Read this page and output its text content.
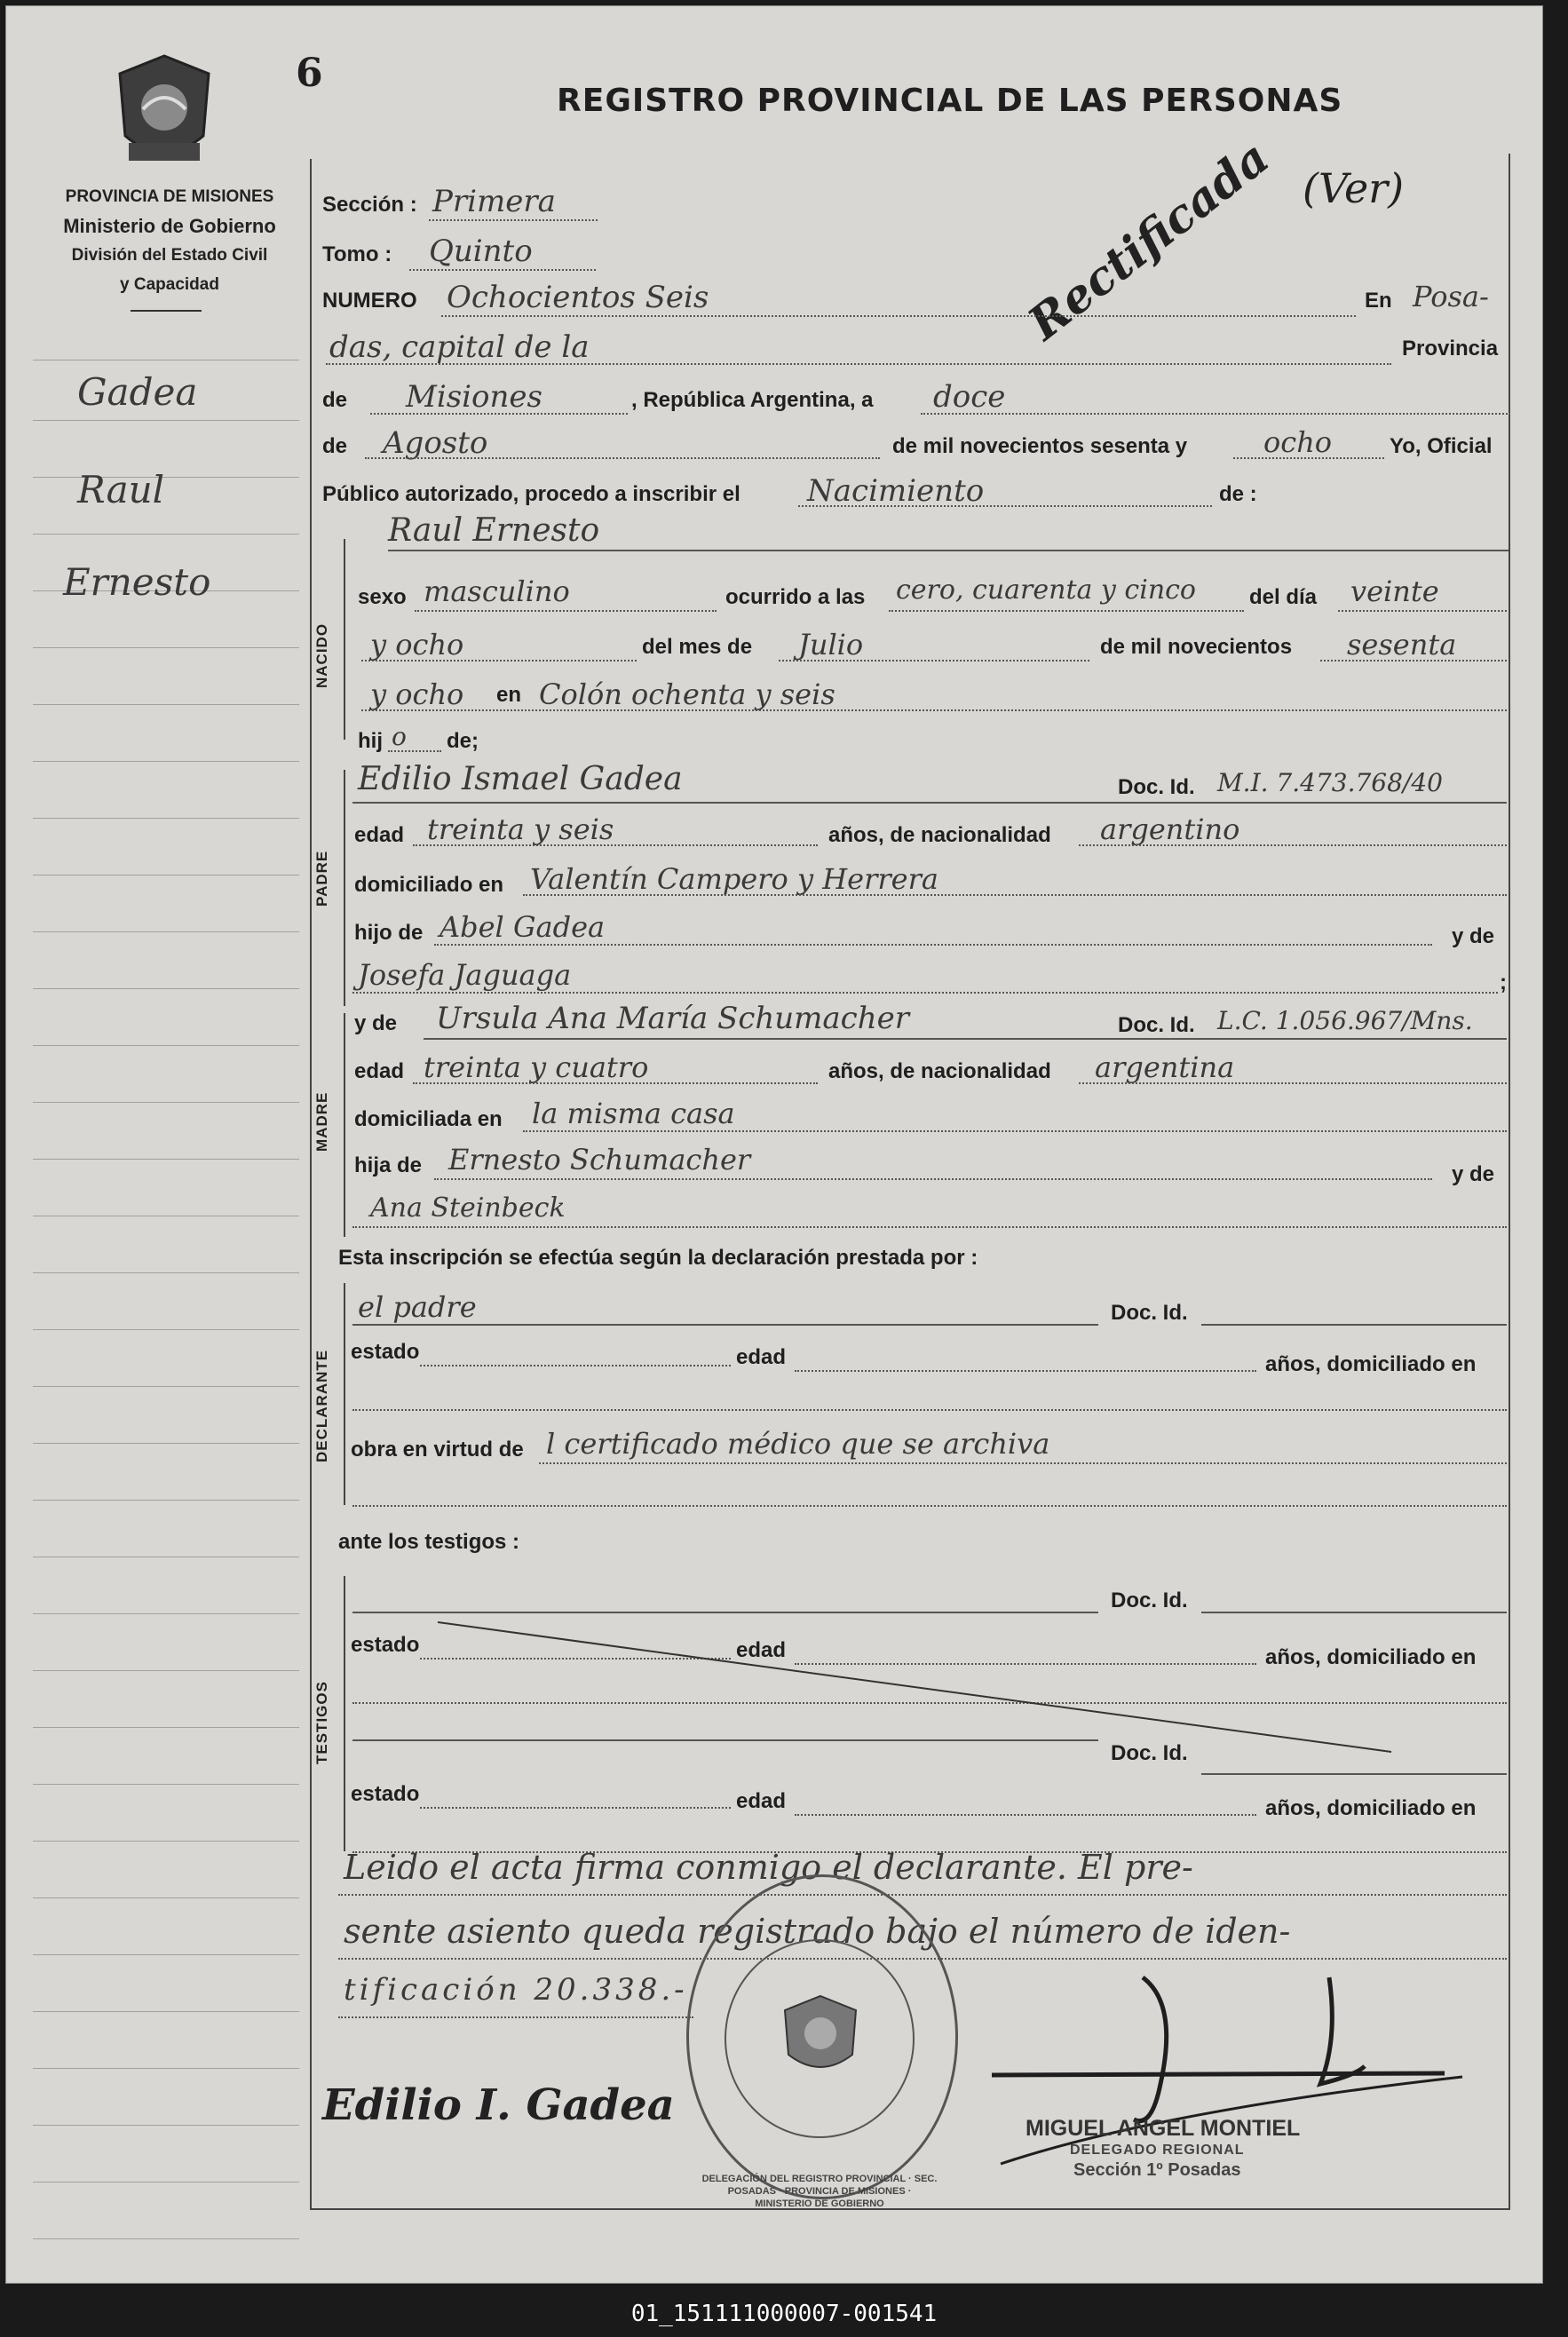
6
REGISTRO PROVINCIAL DE LAS PERSONAS
PROVINCIA DE MISIONES
Ministerio de Gobierno
División del Estado Civil
y Capacidad
Gadea
Raul
Ernesto
Rectificada (Ver)
Sección : Primera
Tomo : Quinto
NUMERO Ochocientos Seis	En Posa-
das, capital de la	Provincia
de Misiones	, República Argentina, a doce
de Agosto	de mil novecientos sesenta y	ocho	Yo, Oficial
Público autorizado, procedo a inscribir el Nacimiento	de :
NACIDO
Raul Ernesto
sexo masculino	ocurrido a las cero, cuarenta y cinco	del día veinte
y ocho	del mes de Julio	de mil novecientos sesenta
y ocho en Colón ochenta y seis
hij o de;
PADRE
Edilio Ismael Gadea	Doc. Id. M.I. 7.473.768/40
edad treinta y seis	años, de nacionalidad argentino
domiciliado en Valentín Campero y Herrera
hijo de Abel Gadea	y de
Josefa Jaguaga	;
MADRE
y de Ursula Ana María Schumacher	Doc. Id. L.C. 1.056.967/Mns.
edad treinta y cuatro	años, de nacionalidad argentina
domiciliada en la misma casa
hija de Ernesto Schumacher	y de
Ana Steinbeck
Esta inscripción se efectúa según la declaración prestada por :
DECLARANTE
el padre	Doc. Id.
estado	edad	años, domiciliado en
obra en virtud de l certificado médico que se archiva
ante los testigos :
TESTIGOS
Doc. Id.
estado	edad	años, domiciliado en
Doc. Id.
estado	edad	años, domiciliado en
Leido el acta firma conmigo el declarante. El pre-
sente asiento queda registrado bajo el número de iden-
tificación 20.338.-
DELEGACIÓN DEL REGISTRO PROVINCIAL · SEC. POSADAS · PROVINCIA DE MISIONES · MINISTERIO DE GOBIERNO
Edilio I. Gadea	MIGUEL ANGEL MONTIEL
DELEGADO REGIONAL
Sección 1º Posadas
01_151111000007-001541
